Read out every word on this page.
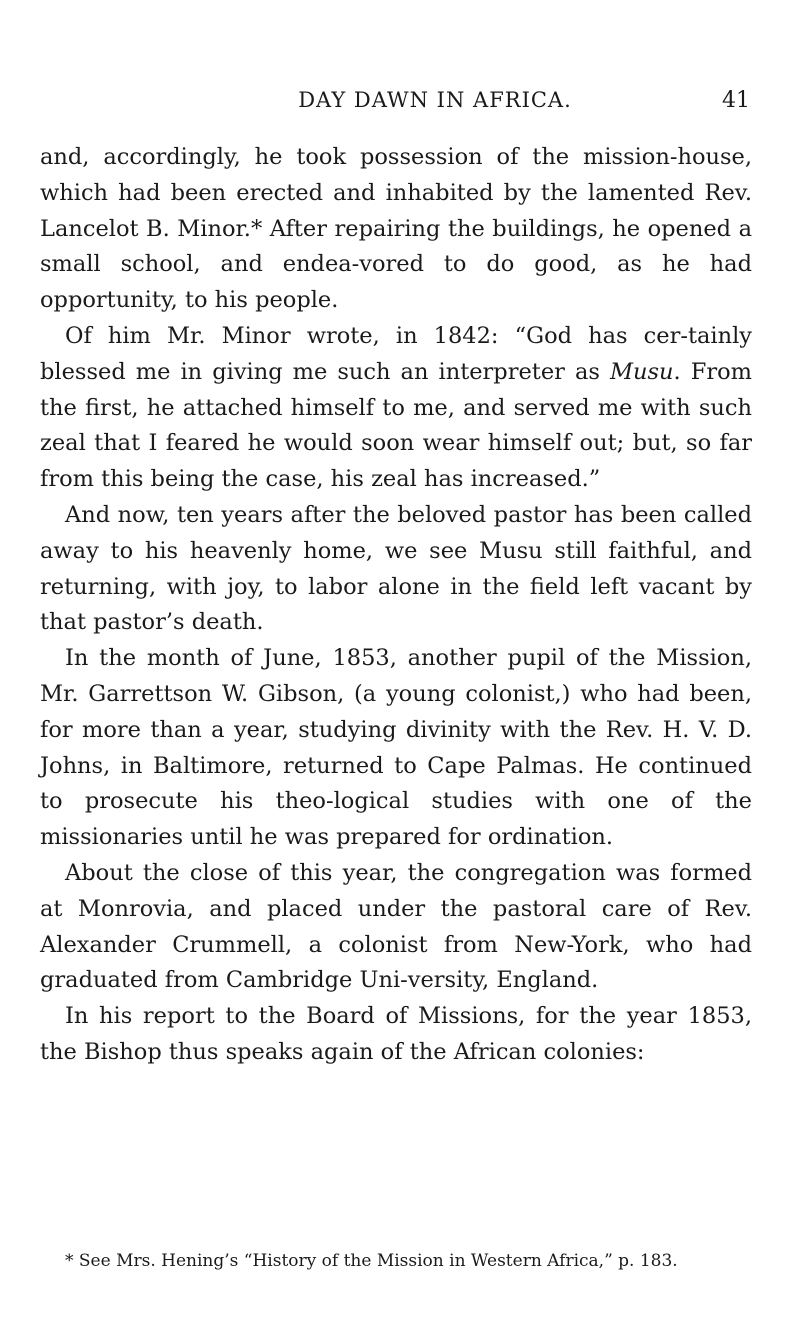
DAY DAWN IN AFRICA.	41

and, accordingly, he took possession of the mission-house, which had been erected and inhabited by the lamented Rev. Lancelot B. Minor.* After repairing the buildings, he opened a small school, and endea-vored to do good, as he had opportunity, to his people.

Of him Mr. Minor wrote, in 1842: “God has cer-tainly blessed me in giving me such an interpreter as Musu. From the first, he attached himself to me, and served me with such zeal that I feared he would soon wear himself out; but, so far from this being the case, his zeal has increased.”

And now, ten years after the beloved pastor has been called away to his heavenly home, we see Musu still faithful, and returning, with joy, to labor alone in the field left vacant by that pastor’s death.

In the month of June, 1853, another pupil of the Mission, Mr. Garrettson W. Gibson, (a young colonist,) who had been, for more than a year, studying divinity with the Rev. H. V. D. Johns, in Baltimore, returned to Cape Palmas. He continued to prosecute his theo-logical studies with one of the missionaries until he was prepared for ordination.

About the close of this year, the congregation was formed at Monrovia, and placed under the pastoral care of Rev. Alexander Crummell, a colonist from New-York, who had graduated from Cambridge Uni-versity, England.

In his report to the Board of Missions, for the year 1853, the Bishop thus speaks again of the African colonies:

* See Mrs. Hening’s “History of the Mission in Western Africa,” p. 183.
